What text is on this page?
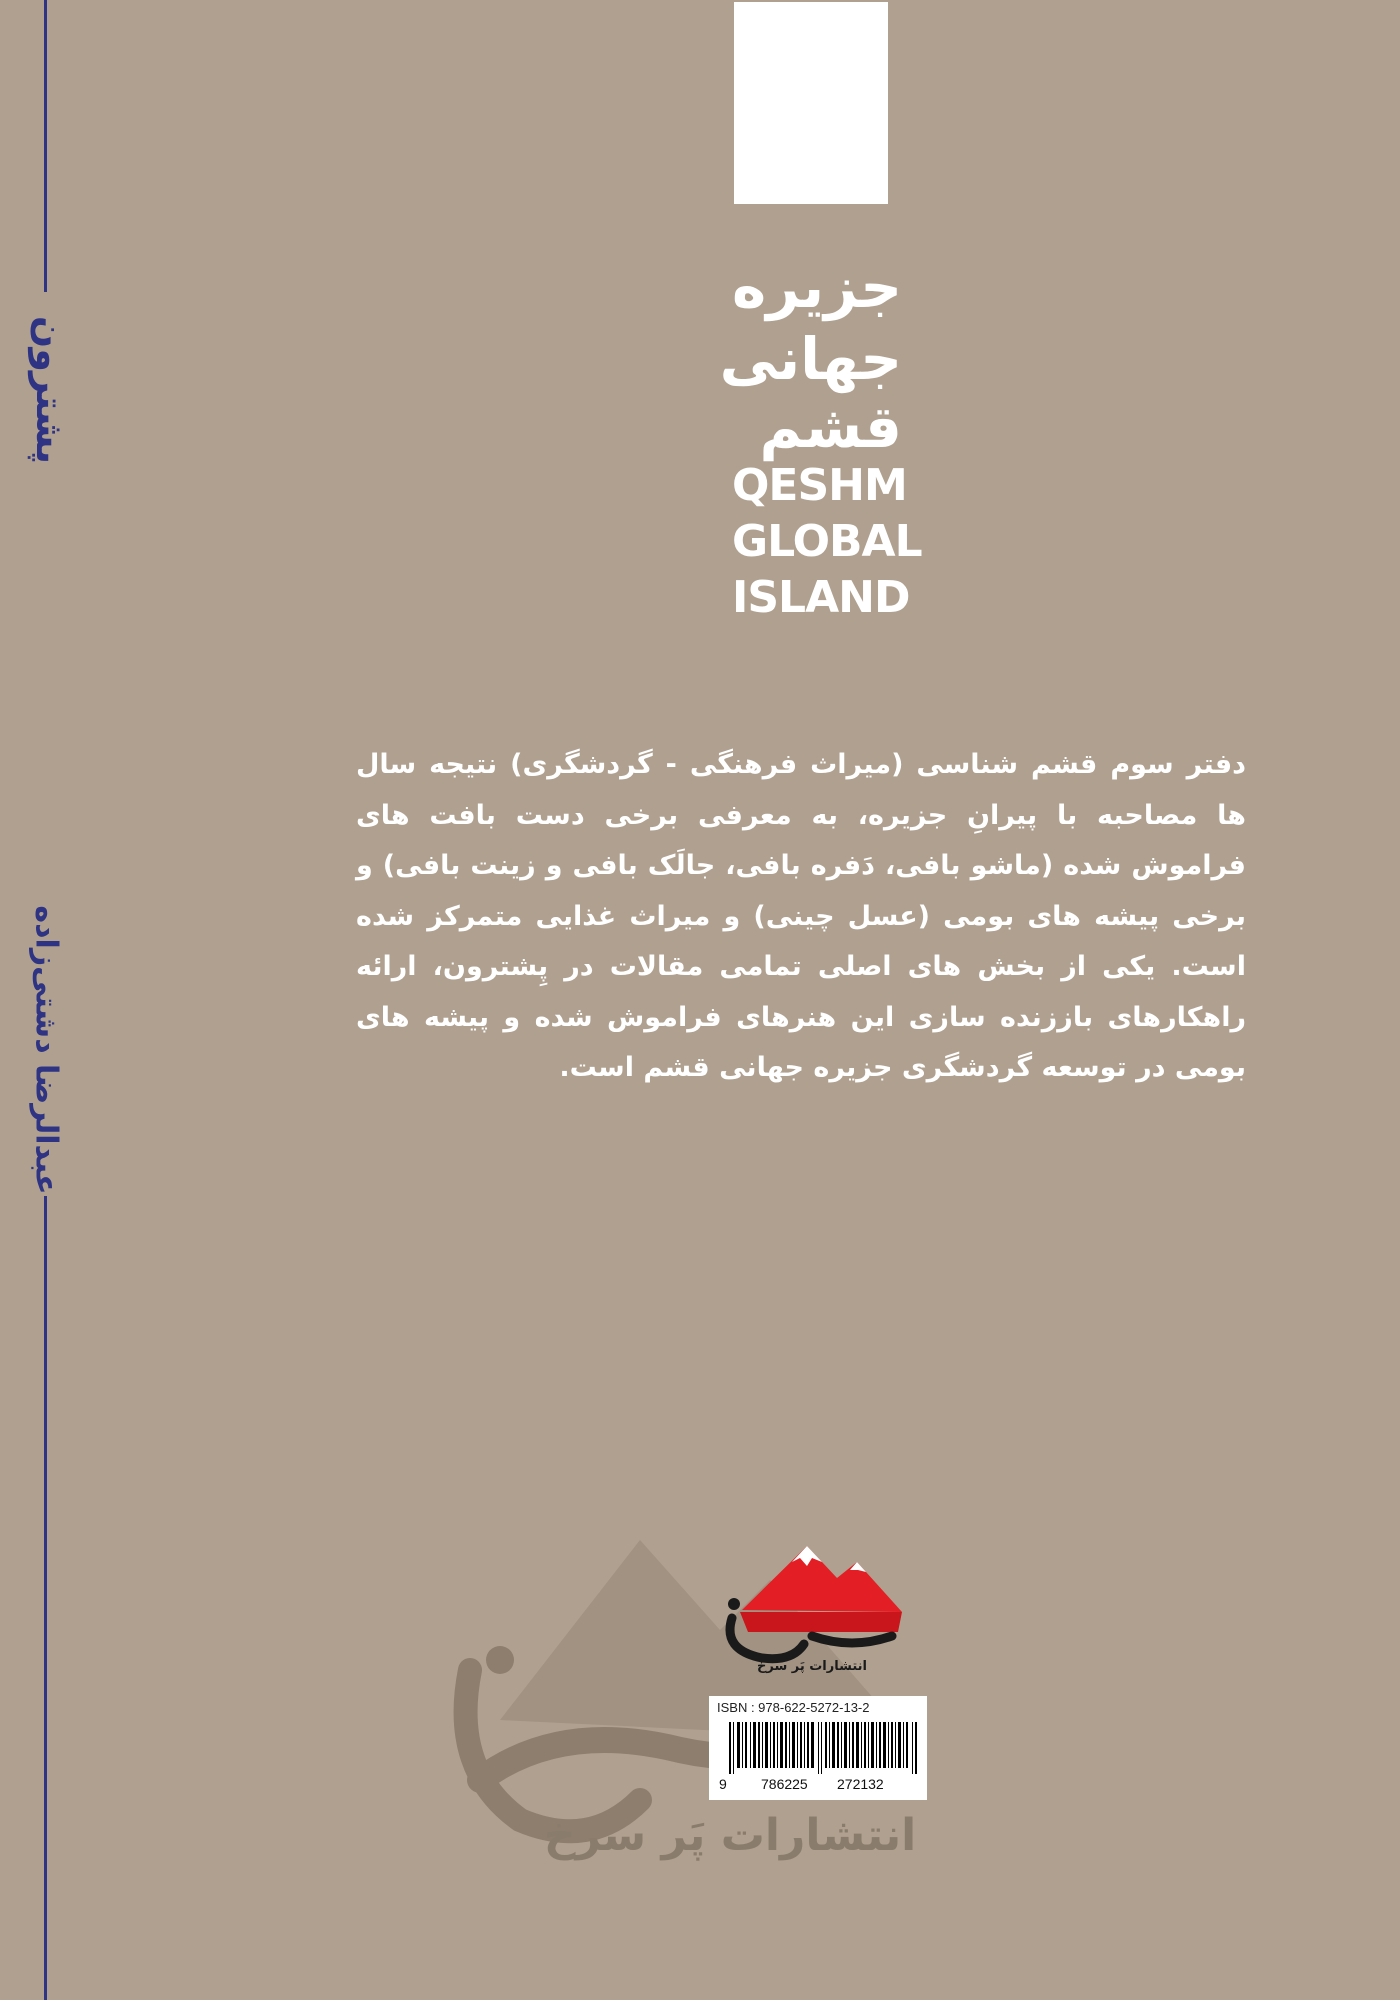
پشترون
عبدالرضا دشتی‌زاده
جزیره
جهانی
قشم
QESHM
GLOBAL
ISLAND

دفتر سوم قشم شناسی (میراث فرهنگی - گردشگری) نتیجه سال ها مصاحبه با پیرانِ جزیره، به معرفی برخی دست بافت های فراموش شده (ماشو بافی، دَفره بافی، جالَک بافی و زینت بافی) و برخی پیشه های بومی (عسل چینی) و میراث غذایی متمرکز شده است. یکی از بخش های اصلی تمامی مقالات در پِشترون، ارائه راهکارهای باززنده سازی این هنرهای فراموش شده و پیشه های بومی در توسعه گردشگری جزیره جهانی قشم است.

انتشارات پَر سرخ
انتشارات پَر سرخ
ISBN : 978-622-5272-13-2
9 786225 272132
